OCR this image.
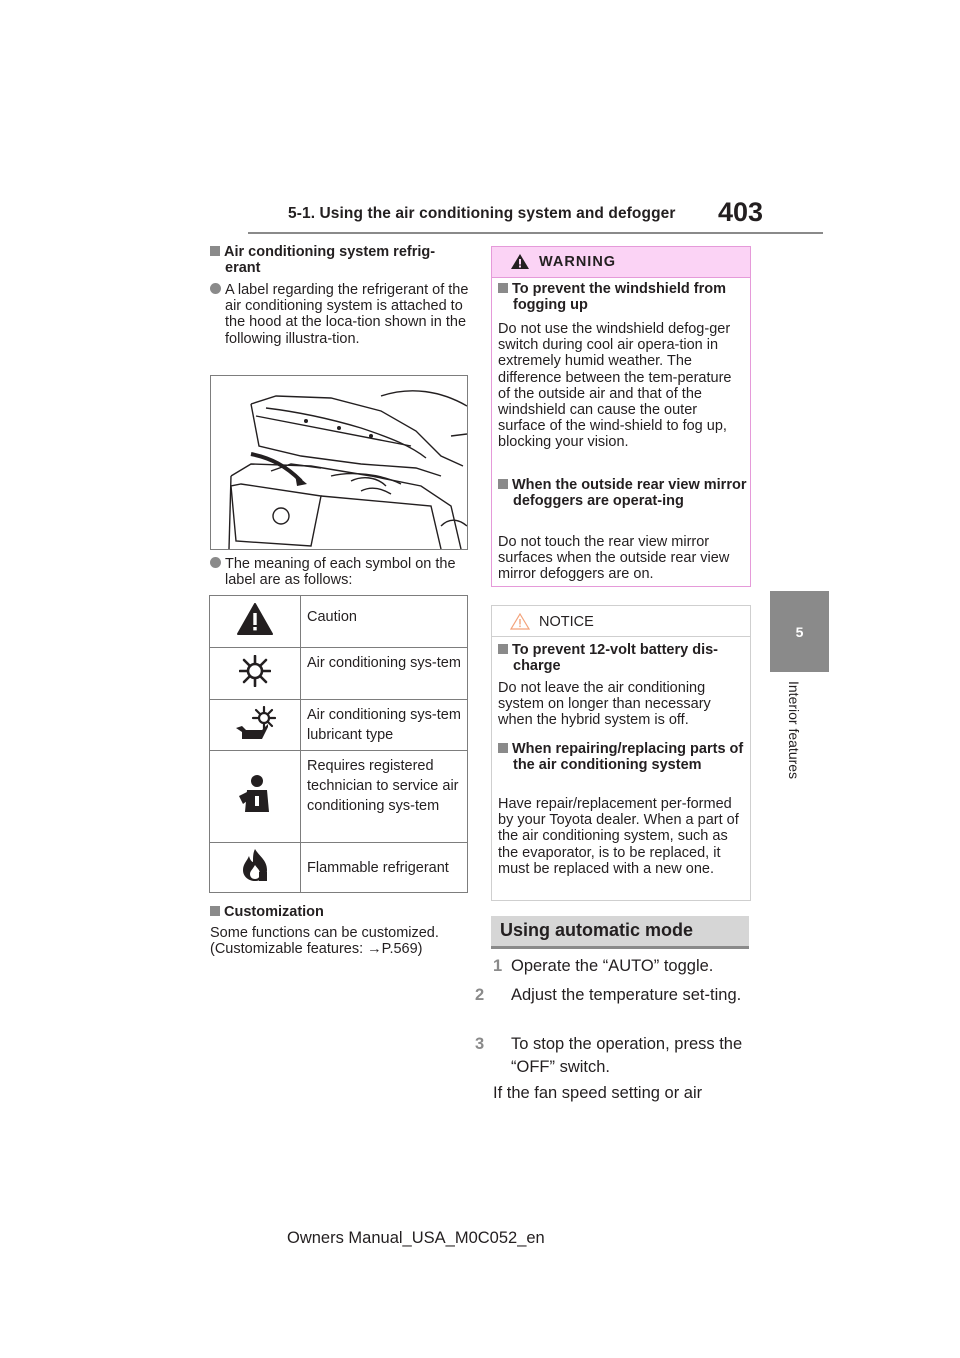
5-1. Using the air conditioning system and defogger 403
5
Interior features
Air conditioning system refrig-
erant
A label regarding the refrigerant of the air conditioning system is attached to the hood at the loca-tion shown in the following illustra-tion.
The meaning of each symbol on the label are as follows:
	Caution
	Air conditioning sys-tem
	Air conditioning sys-tem lubricant type
	Requires registered technician to service air conditioning sys-tem
	Flammable refrigerant
Customization
Some functions can be customized.
(Customizable features: →P.569)
WARNING
To prevent the windshield from fogging up
Do not use the windshield defog-ger switch during cool air opera-tion in extremely humid weather. The difference between the tem-perature of the outside air and that of the windshield can cause the outer surface of the wind-shield to fog up, blocking your vision.
When the outside rear view mirror defoggers are operat-ing
Do not touch the rear view mirror surfaces when the outside rear view mirror defoggers are on.
NOTICE
To prevent 12-volt battery dis-charge
Do not leave the air conditioning system on longer than necessary when the hybrid system is off.
When repairing/replacing parts of the air conditioning system
Have repair/replacement per-formed by your Toyota dealer. When a part of the air conditioning system, such as the evaporator, is to be replaced, it must be replaced with a new one.
Using automatic mode
1 Operate the “AUTO” toggle.
2 Adjust the temperature set-ting.
3 To stop the operation, press the “OFF” switch.
If the fan speed setting or air
Owners Manual_USA_M0C052_en
